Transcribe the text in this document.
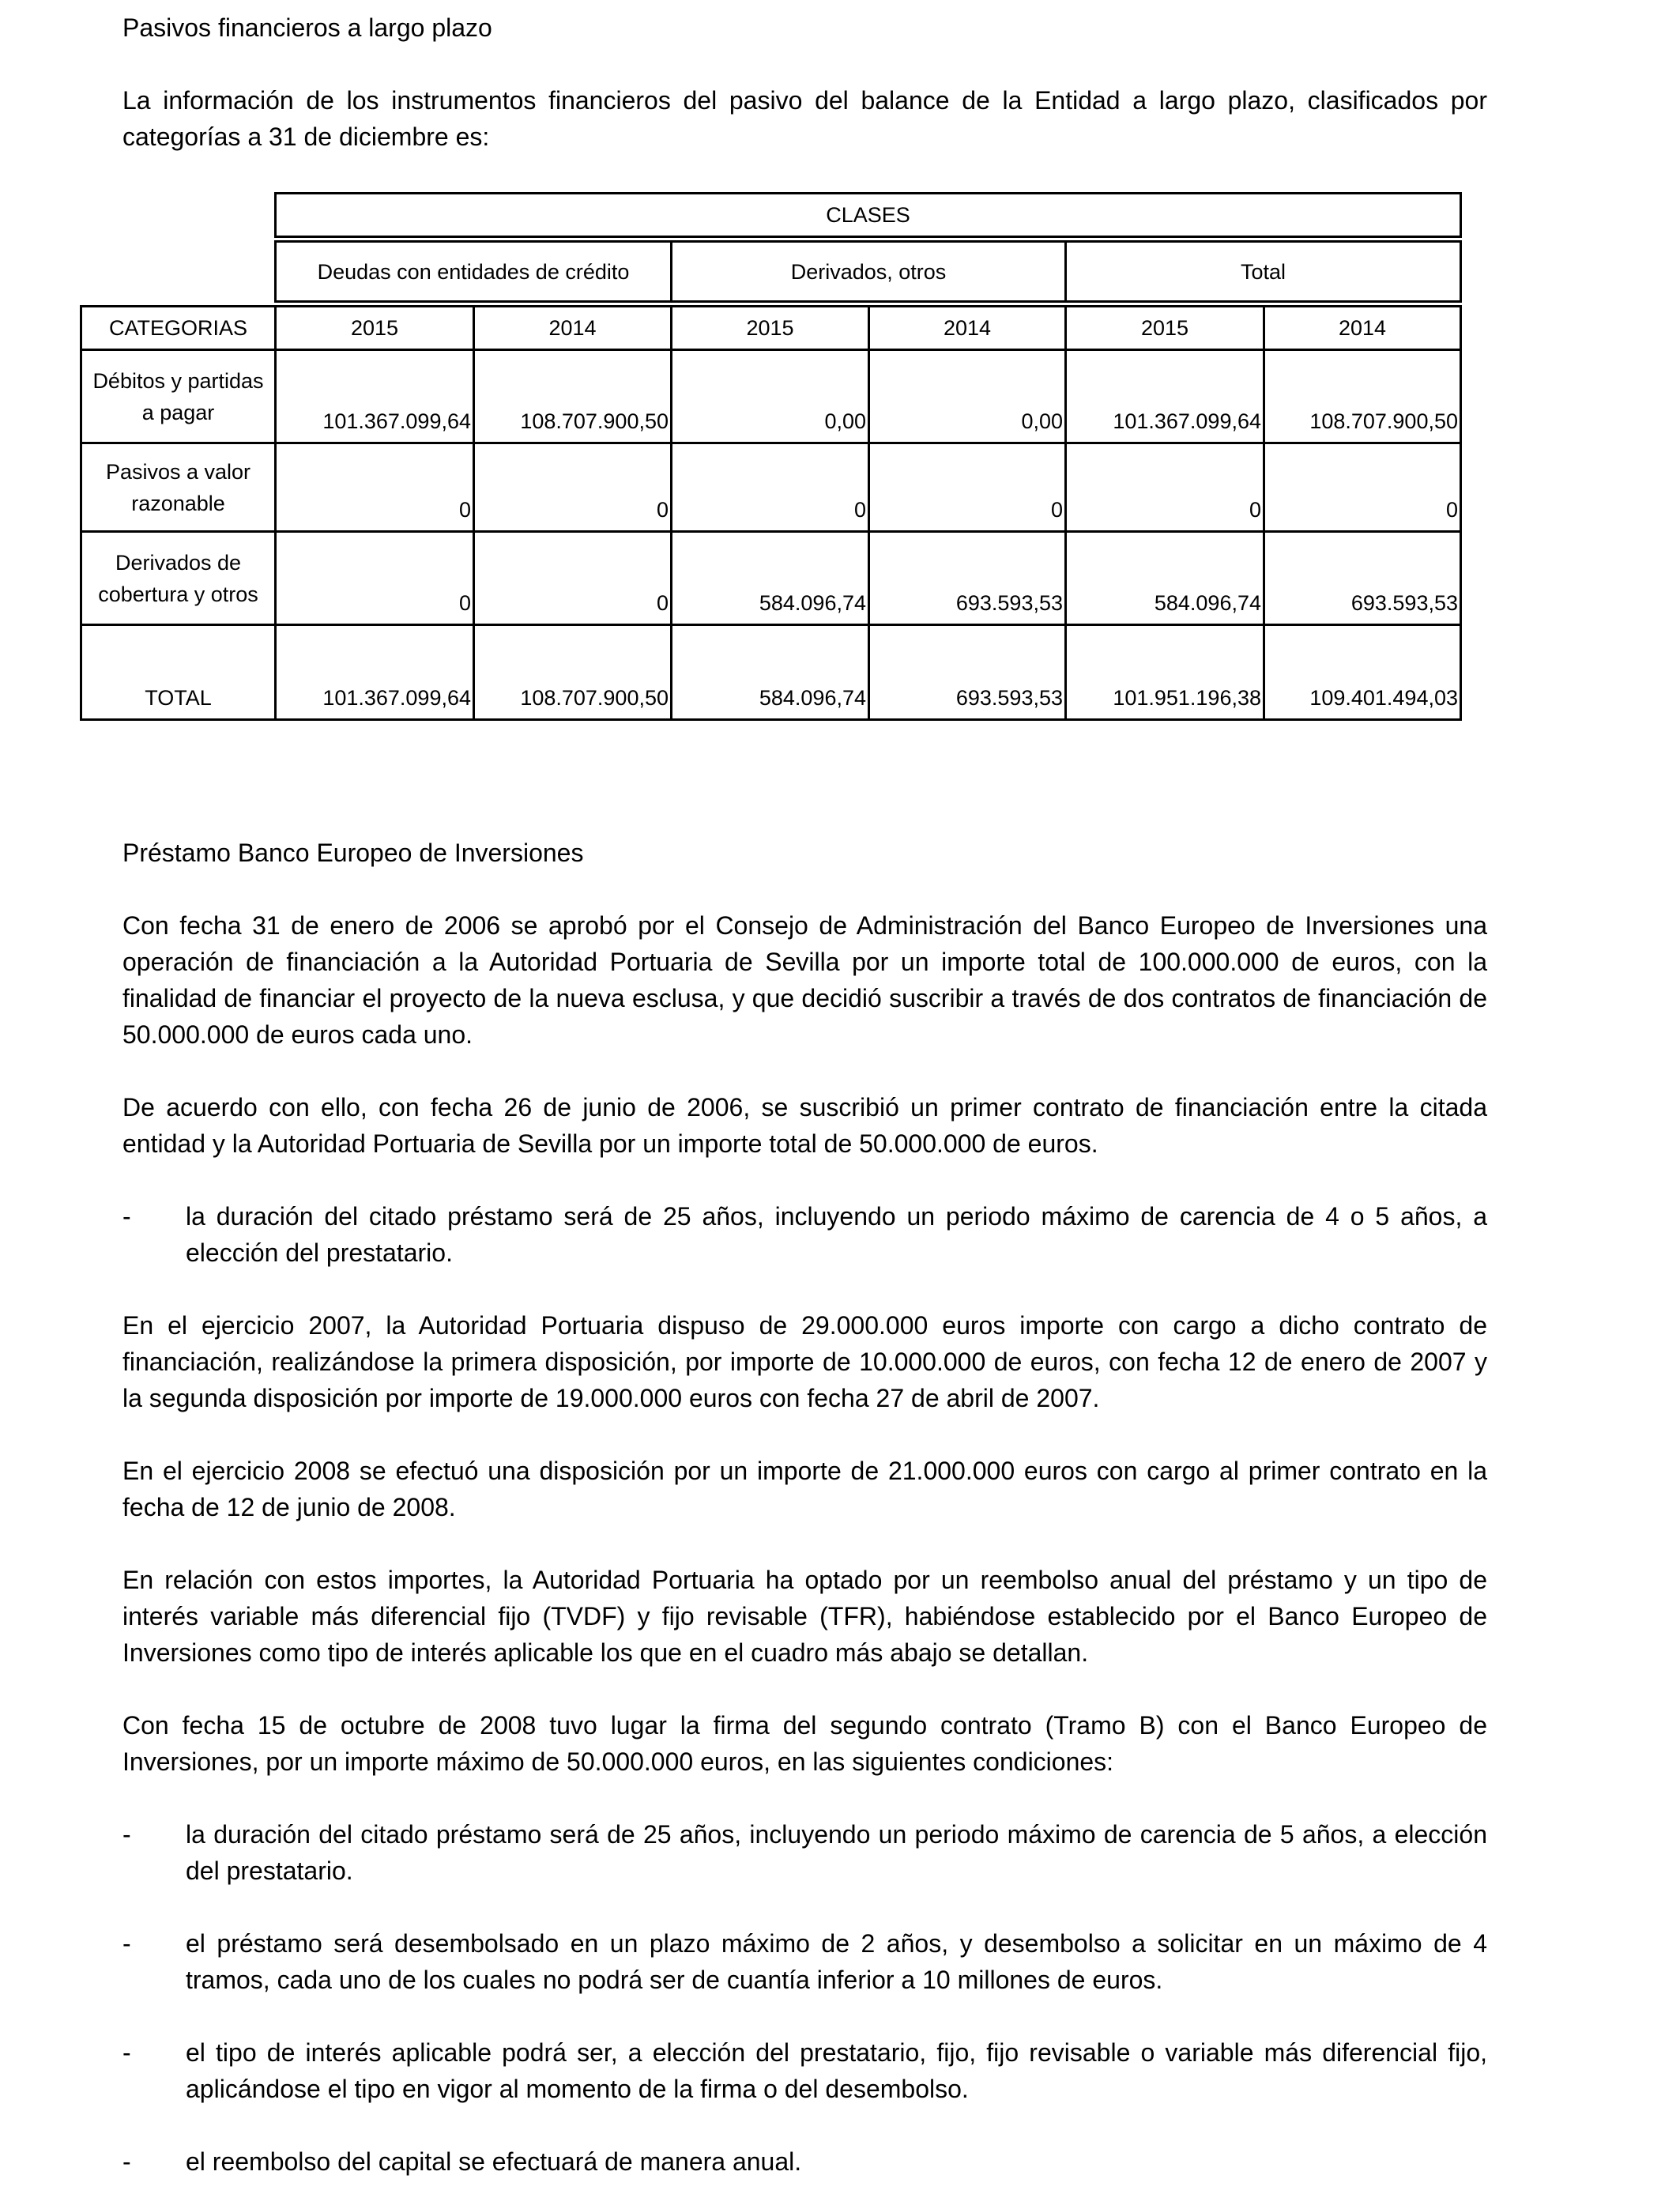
Pasivos financieros a largo plazo

La información de los instrumentos financieros del pasivo del balance de la Entidad a largo plazo, clasificados por categorías a 31 de diciembre es:

CLASES
Deudas con entidades de crédito	Derivados, otros	Total
CATEGORIAS	2015	2014	2015	2014	2015	2014
Débitos y partidas a pagar	101.367.099,64	108.707.900,50	0,00	0,00	101.367.099,64	108.707.900,50
Pasivos a valor razonable	0	0	0	0	0	0
Derivados de cobertura y otros	0	0	584.096,74	693.593,53	584.096,74	693.593,53
TOTAL	101.367.099,64	108.707.900,50	584.096,74	693.593,53	101.951.196,38	109.401.494,03
Préstamo Banco Europeo de Inversiones

Con fecha 31 de enero de 2006 se aprobó por el Consejo de Administración del Banco Europeo de Inversiones una operación de financiación a la Autoridad Portuaria de Sevilla por un importe total de 100.000.000 de euros, con la finalidad de financiar el proyecto de la nueva esclusa, y que decidió suscribir a través de dos contratos de financiación de 50.000.000 de euros cada uno.

De acuerdo con ello, con fecha 26 de junio de 2006, se suscribió un primer contrato de financiación entre la citada entidad y la Autoridad Portuaria de Sevilla por un importe total de 50.000.000 de euros.

- la duración del citado préstamo será de 25 años, incluyendo un periodo máximo de carencia de 4 o 5 años, a elección del prestatario.

En el ejercicio 2007, la Autoridad Portuaria dispuso de 29.000.000 euros importe con cargo a dicho contrato de financiación, realizándose la primera disposición, por importe de 10.000.000 de euros, con fecha 12 de enero de 2007 y la segunda disposición por importe de 19.000.000 euros con fecha 27 de abril de 2007.

En el ejercicio 2008 se efectuó una disposición por un importe de 21.000.000 euros con cargo al primer contrato en la fecha de 12 de junio de 2008.

En relación con estos importes, la Autoridad Portuaria ha optado por un reembolso anual del préstamo y un tipo de interés variable más diferencial fijo (TVDF) y fijo revisable (TFR), habiéndose establecido por el Banco Europeo de Inversiones como tipo de interés aplicable los que en el cuadro más abajo se detallan.

Con fecha 15 de octubre de 2008 tuvo lugar la firma del segundo contrato (Tramo B) con el Banco Europeo de Inversiones, por un importe máximo de 50.000.000 euros, en las siguientes condiciones:

- la duración del citado préstamo será de 25 años, incluyendo un periodo máximo de carencia de 5 años, a elección del prestatario.
- el préstamo será desembolsado en un plazo máximo de 2 años, y desembolso a solicitar en un máximo de 4 tramos, cada uno de los cuales no podrá ser de cuantía inferior a 10 millones de euros.
- el tipo de interés aplicable podrá ser, a elección del prestatario, fijo, fijo revisable o variable más diferencial fijo, aplicándose el tipo en vigor al momento de la firma o del desembolso.
- el reembolso del capital se efectuará de manera anual.
